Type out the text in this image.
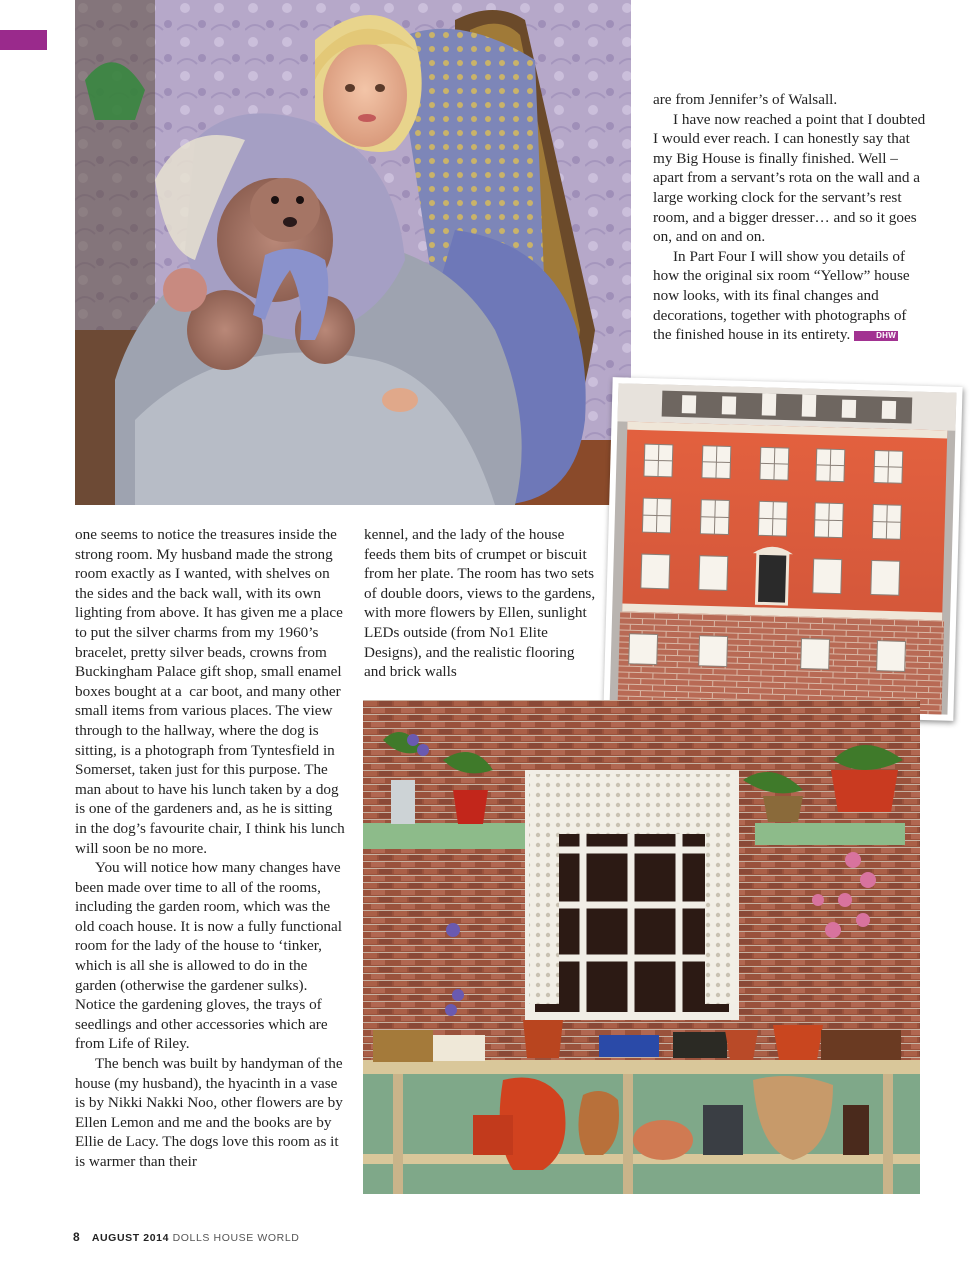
one seems to notice the treasures inside the strong room. My husband made the strong room exactly as I wanted, with shelves on the sides and the back wall, with its own lighting from above. It has given me a place to put the silver charms from my 1960’s bracelet, pretty silver beads, crowns from Buckingham Palace gift shop, small enamel boxes bought at a  car boot, and many other small items from various places. The view through to the hallway, where the dog is sitting, is a photograph from Tyntesfield in Somerset, taken just for this purpose. The man about to have his lunch taken by a dog is one of the gardeners and, as he is sitting in the dog’s favourite chair, I think his lunch will soon be no more.

You will notice how many changes have been made over time to all of the rooms, including the garden room, which was the old coach house. It is now a fully functional room for the lady of the house to ‘tinker, which is all she is allowed to do in the garden (otherwise the gardener sulks). Notice the gardening gloves, the trays of seedlings and other accessories which are from Life of Riley.

The bench was built by handyman of the house (my husband), the hyacinth in a vase is by Nikki Nakki Noo, other flowers are by Ellen Lemon and me and the books are by Ellie de Lacy. The dogs love this room as it is warmer than their

kennel, and the lady of the house feeds them bits of crumpet or biscuit from her plate. The room has two sets of double doors, views to the gardens, with more flowers by Ellen, sunlight LEDs outside (from No1 Elite Designs), and the realistic flooring and brick walls

are from Jennifer’s of Walsall.

I have now reached a point that I doubted I would ever reach. I can honestly say that my Big House is finally finished. Well – apart from a servant’s rota on the wall and a large working clock for the servant’s rest room, and a bigger dresser… and so it goes on, and on and on.

In Part Four I will show you details of how the original six room “Yellow” house now looks, with its final changes and decorations, together with photographs of the finished house in its entirety.	DHW

8 AUGUST 2014 DOLLS HOUSE WORLD
